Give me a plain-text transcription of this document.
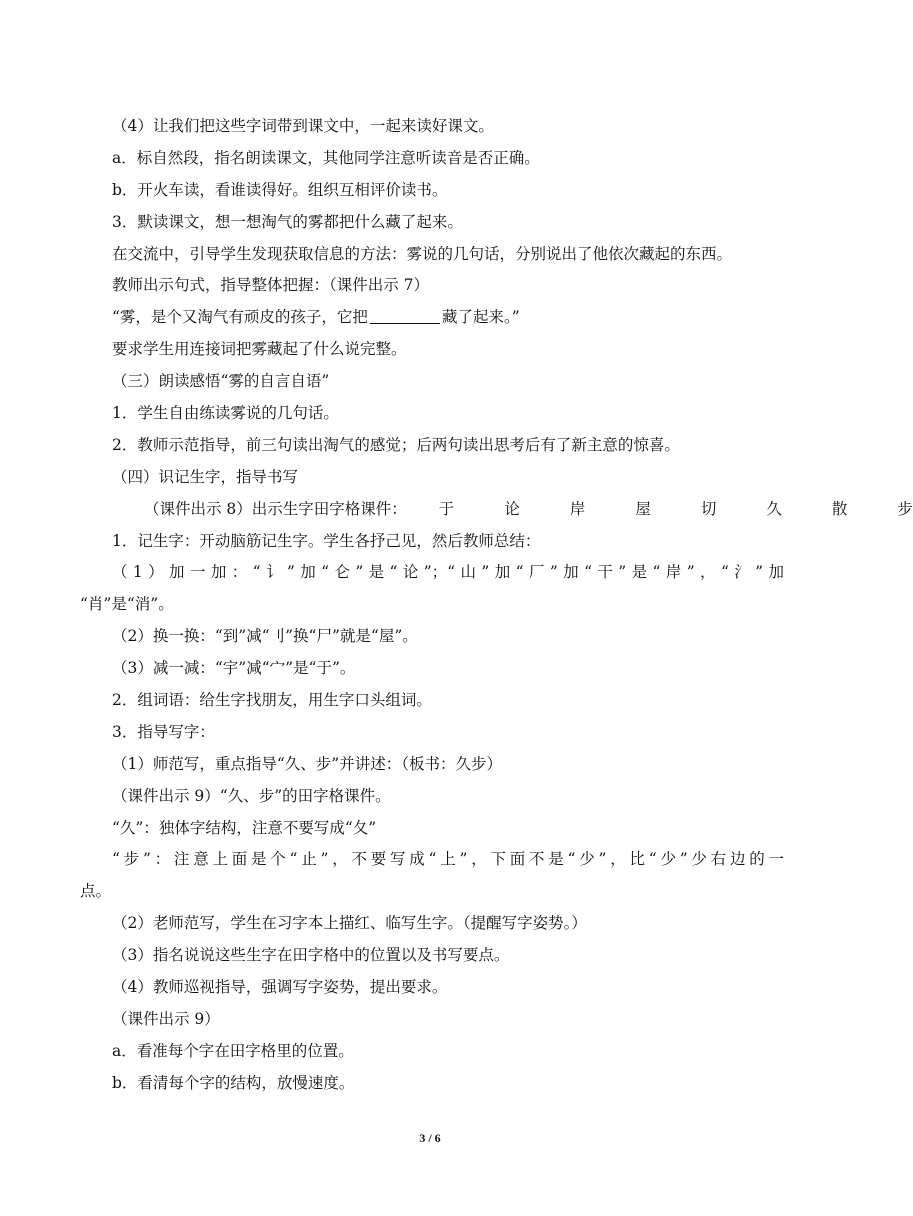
（4）让我们把这些字词带到课文中，一起来读好课文。
a．标自然段，指名朗读课文，其他同学注意听读音是否正确。
b．开火车读，看谁读得好。组织互相评价读书。
3．默读课文，想一想淘气的雾都把什么藏了起来。
在交流中，引导学生发现获取信息的方法：雾说的几句话，分别说出了他依次藏起的东西。
教师出示句式，指导整体把握：（课件出示 7）
“雾，是个又淘气有顽皮的孩子，它把	藏了起来。”
要求学生用连接词把雾藏起了什么说完整。
（三）朗读感悟“雾的自言自语”
1．学生自由练读雾说的几句话。
2．教师示范指导，前三句读出淘气的感觉；后两句读出思考后有了新主意的惊喜。
（四）识记生字，指导书写
（课件出示 8）出示生字田字格课件： 于	论	岸	屋	切	久	散	步
1．记生字：开动脑筋记生字。学生各抒己见，然后教师总结：
（1）加一加：“讠”加“仑”是“论”；“山”加“厂”加“干”是“岸”，“氵”加
“肖”是“消”。
（2）换一换：“到”减“刂”换“尸”就是“屋”。
（3）减一减：“宇”减“宀”是“于”。
2．组词语：给生字找朋友，用生字口头组词。
3．指导写字：
（1）师范写，重点指导“久、步”并讲述：（板书：久步）
（课件出示 9）“久、步”的田字格课件。
“久”：独体字结构，注意不要写成“夂”
“步”：注意上面是个“止”，不要写成“上”，下面不是“少”，比“少”少右边的一
点。
（2）老师范写，学生在习字本上描红、临写生字。（提醒写字姿势。）
（3）指名说说这些生字在田字格中的位置以及书写要点。
（4）教师巡视指导，强调写字姿势，提出要求。
（课件出示 9）
a．看准每个字在田字格里的位置。
b．看清每个字的结构，放慢速度。
3 / 6
